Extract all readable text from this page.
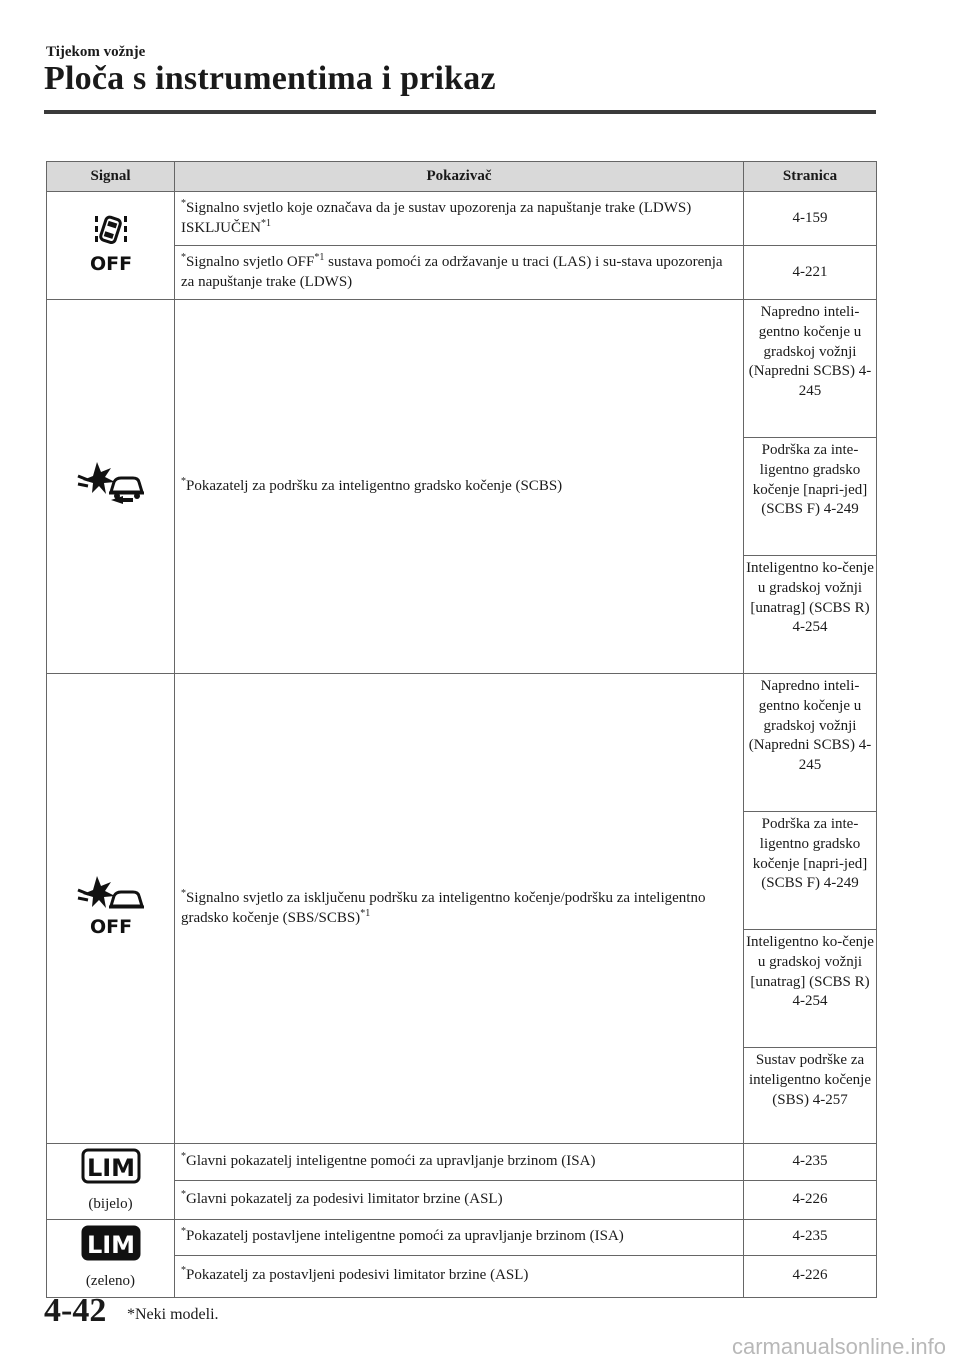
Tijekom vožnje
Ploča s instrumentima i prikaz
Signal	Pokazivač	Stranica

OFF	*Signalno svjetlo koje označava da je sustav upozorenja za napuštanje trake (LDWS) ISKLJUČEN$^{*1}$	4-159
	*Signalno svjetlo OFF$^{*1}$ sustava pomoći za održavanje u traci (LAS) i su-stava upozorenja za napuštanje trake (LDWS)	4-221
	*Pokazatelj za podršku za inteligentno gradsko kočenje (SCBS)	Napredno inteli-gentno kočenje u gradskoj vožnji (Napredni SCBS) 4-245
		Podrška za inte-ligentno gradsko kočenje [napri-jed] (SCBS F) 4-249
		Inteligentno ko-čenje u gradskoj vožnji [unatrag] (SCBS R) 4-254

OFF	*Signalno svjetlo za isključenu podršku za inteligentno kočenje/podršku za inteligentno gradsko kočenje (SBS/SCBS)$^{*1}$	Napredno inteli-gentno kočenje u gradskoj vožnji (Napredni SCBS) 4-245
		Podrška za inte-ligentno gradsko kočenje [napri-jed] (SCBS F) 4-249
		Inteligentno ko-čenje u gradskoj vožnji [unatrag] (SCBS R) 4-254
		Sustav podrške za inteligentno kočenje (SBS) 4-257

LIM
(bijelo)	*Glavni pokazatelj inteligentne pomoći za upravljanje brzinom (ISA)	4-235
	*Glavni pokazatelj za podesivi limitator brzine (ASL)	4-226

LIM
(zeleno)	*Pokazatelj postavljene inteligentne pomoći za upravljanje brzinom (ISA)	4-235
	*Pokazatelj za postavljeni podesivi limitator brzine (ASL)	4-226
4-42 *Neki modeli.
carmanualsonline.info
